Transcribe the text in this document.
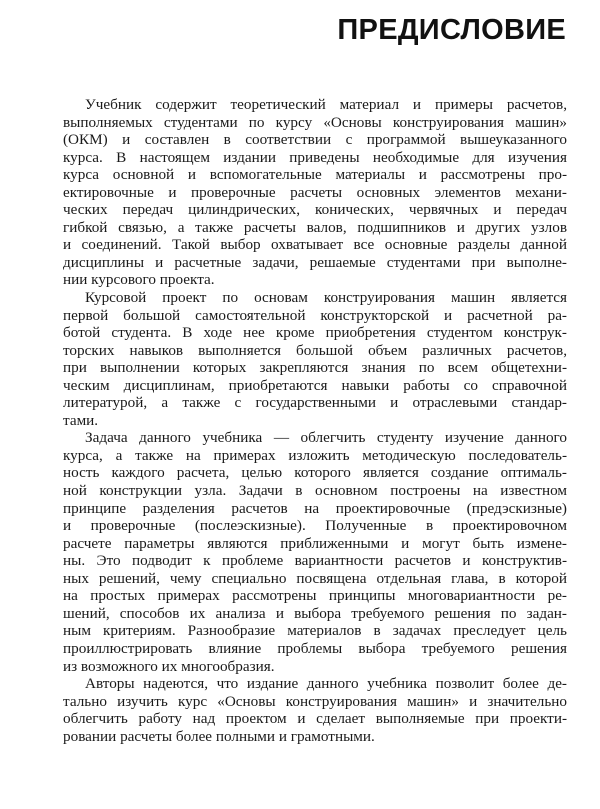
ПРЕДИСЛОВИЕ
Учебник содержит теоретический материал и примеры расчетов,
выполняемых студентами по курсу «Основы конструирования машин»
(ОКМ) и составлен в соответствии с программой вышеуказанного
курса. В настоящем издании приведены необходимые для изучения
курса основной и вспомогательные материалы и рассмотрены про-
ектировочные и проверочные расчеты основных элементов механи-
ческих передач цилиндрических, конических, червячных и передач
гибкой связью, а также расчеты валов, подшипников и других узлов
и соединений. Такой выбор охватывает все основные разделы данной
дисциплины и расчетные задачи, решаемые студентами при выполне-
нии курсового проекта.
Курсовой проект по основам конструирования машин является
первой большой самостоятельной конструкторской и расчетной ра-
ботой студента. В ходе нее кроме приобретения студентом конструк-
торских навыков выполняется большой объем различных расчетов,
при выполнении которых закрепляются знания по всем общетехни-
ческим дисциплинам, приобретаются навыки работы со справочной
литературой, а также с государственными и отраслевыми стандар-
тами.
Задача данного учебника — облегчить студенту изучение данного
курса, а также на примерах изложить методическую последователь-
ность каждого расчета, целью которого является создание оптималь-
ной конструкции узла. Задачи в основном построены на известном
принципе разделения расчетов на проектировочные (предэскизные)
и проверочные (послеэскизные). Полученные в проектировочном
расчете параметры являются приближенными и могут быть измене-
ны. Это подводит к проблеме вариантности расчетов и конструктив-
ных решений, чему специально посвящена отдельная глава, в которой
на простых примерах рассмотрены принципы многовариантности ре-
шений, способов их анализа и выбора требуемого решения по задан-
ным критериям. Разнообразие материалов в задачах преследует цель
проиллюстрировать влияние проблемы выбора требуемого решения
из возможного их многообразия.
Авторы надеются, что издание данного учебника позволит более де-
тально изучить курс «Основы конструирования машин» и значительно
облегчить работу над проектом и сделает выполняемые при проекти-
ровании расчеты более полными и грамотными.
